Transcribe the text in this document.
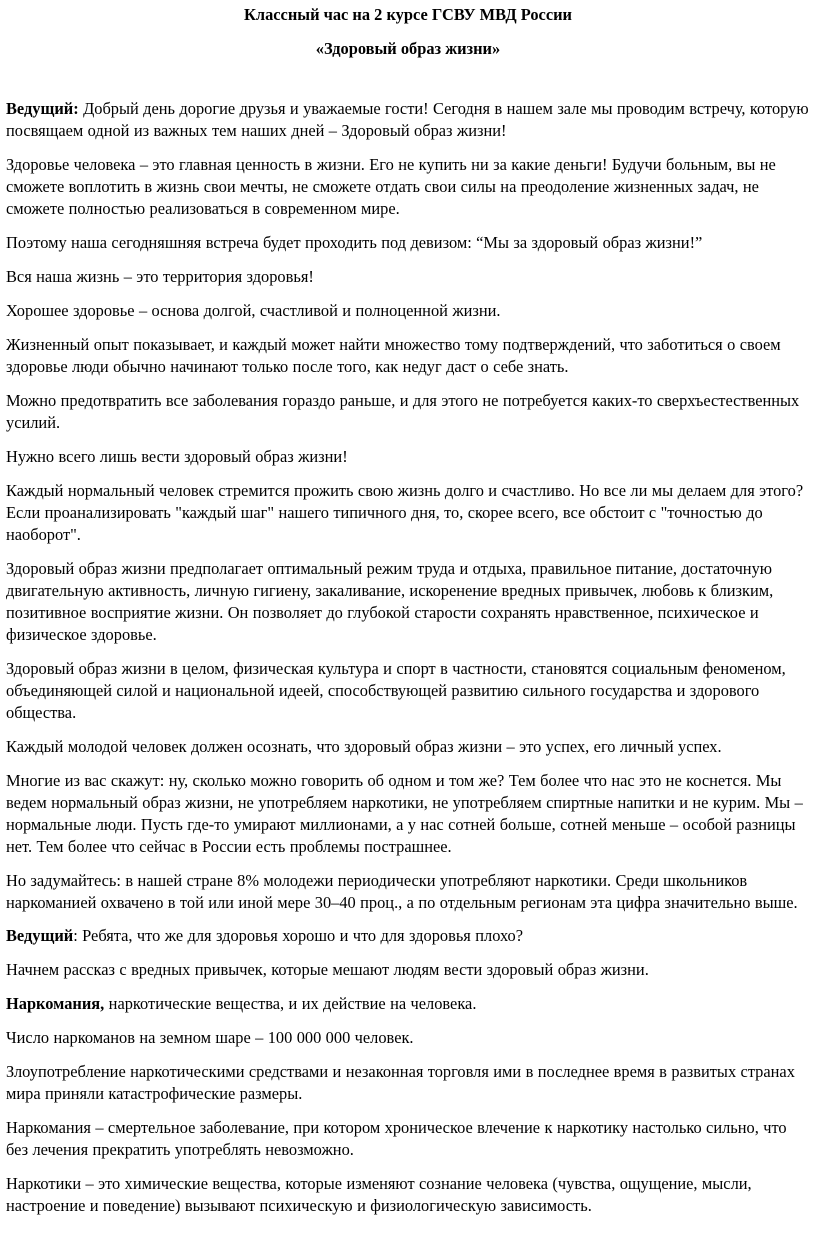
Классный час на 2 курсе ГСВУ МВД России
«Здоровый образ жизни»

Ведущий: Добрый день дорогие друзья и уважаемые гости! Сегодня в нашем зале мы проводим встречу, которую посвящаем одной из важных тем наших дней – Здоровый образ жизни!

Здоровье человека – это главная ценность в жизни. Его не купить ни за какие деньги! Будучи больным, вы не сможете воплотить в жизнь свои мечты, не сможете отдать свои силы на преодоление жизненных задач, не сможете полностью реализоваться в современном мире.

Поэтому наша сегодняшняя встреча будет проходить под девизом: “Мы за здоровый образ жизни!”

Вся наша жизнь – это территория здоровья!

Хорошее здоровье – основа долгой, счастливой и полноценной жизни.

Жизненный опыт показывает, и каждый может найти множество тому подтверждений, что заботиться о своем здоровье люди обычно начинают только после того, как недуг даст о себе знать.

Можно предотвратить все заболевания гораздо раньше, и для этого не потребуется каких-то сверхъестественных усилий.

Нужно всего лишь вести здоровый образ жизни!

Каждый нормальный человек стремится прожить свою жизнь долго и счастливо. Но все ли мы делаем для этого? Если проанализировать "каждый шаг" нашего типичного дня, то, скорее всего, все обстоит с "точностью до наоборот".

Здоровый образ жизни предполагает оптимальный режим труда и отдыха, правильное питание, достаточную двигательную активность, личную гигиену, закаливание, искоренение вредных привычек, любовь к близким, позитивное восприятие жизни. Он позволяет до глубокой старости сохранять нравственное, психическое и физическое здоровье.

Здоровый образ жизни в целом, физическая культура и спорт в частности, становятся социальным феноменом, объединяющей силой и национальной идеей, способствующей развитию сильного государства и здорового общества.

Каждый молодой человек должен осознать, что здоровый образ жизни – это успех, его личный успех.

Многие из вас скажут: ну, сколько можно говорить об одном и том же? Тем более что нас это не коснется. Мы ведем нормальный образ жизни, не употребляем наркотики, не употребляем спиртные напитки и не курим. Мы – нормальные люди. Пусть где-то умирают миллионами, а у нас сотней больше, сотней меньше – особой разницы нет. Тем более что сейчас в России есть проблемы пострашнее.

Но задумайтесь: в нашей стране 8% молодежи периодически употребляют наркотики. Среди школьников наркоманией охвачено в той или иной мере 30–40 проц., а по отдельным регионам эта цифра значительно выше.

Ведущий: Ребята, что же для здоровья хорошо и что для здоровья плохо?

Начнем рассказ с вредных привычек, которые мешают людям вести здоровый образ жизни.

Наркомания, наркотические вещества, и их действие на человека.

Число наркоманов на земном шаре – 100 000 000 человек.

Злоупотребление наркотическими средствами и незаконная торговля ими в последнее время в развитых странах мира приняли катастрофические размеры.

Наркомания – смертельное заболевание, при котором хроническое влечение к наркотику настолько сильно, что без лечения прекратить употреблять невозможно.

Наркотики – это химические вещества, которые изменяют сознание человека (чувства, ощущение, мысли, настроение и поведение) вызывают психическую и физиологическую зависимость.
